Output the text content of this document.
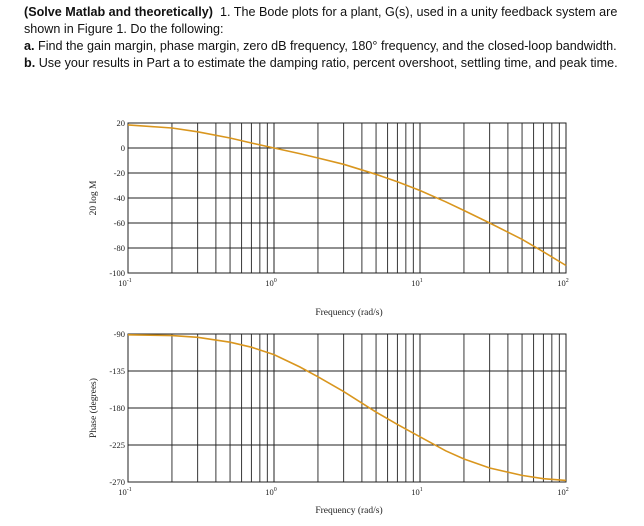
(Solve Matlab and theoretically) 1. The Bode plots for a plant, G(s), used in a unity feedback system are shown in Figure 1. Do the following:

a. Find the gain margin, phase margin, zero dB frequency, 180° frequency, and the closed-loop bandwidth.

b. Use your results in Part a to estimate the damping ratio, percent overshoot, settling time, and peak time.

20
0
-20
-40
-60
-80
-100
$10^{-1}$	$10^0$	$10^1$	$10^2$
Frequency (rad/s)
20 log M
-90
-135
-180
-225
-270
$10^{-1}$	$10^0$	$10^1$	$10^2$
Frequency (rad/s)
Phase (degrees)
